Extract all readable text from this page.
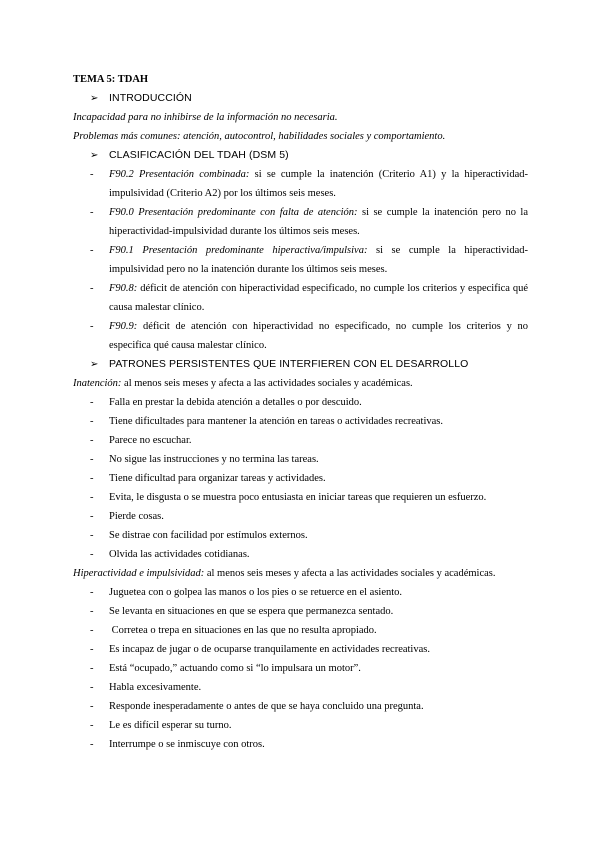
TEMA 5: TDAH
➢	INTRODUCCIÓN
Incapacidad para no inhibirse de la información no necesaria.
Problemas más comunes: atención, autocontrol, habilidades sociales y comportamiento.
➢	CLASIFICACIÓN DEL TDAH (DSM 5)
-	F90.2 Presentación combinada: si se cumple la inatención (Criterio A1) y la hiperactividad-impulsividad (Criterio A2) por los últimos seis meses.
-	F90.0 Presentación predominante con falta de atención: si se cumple la inatención pero no la hiperactividad-impulsividad durante los últimos seis meses.
-	F90.1 Presentación predominante hiperactiva/impulsiva: si se cumple la hiperactividad-impulsividad pero no la inatención durante los últimos seis meses.
-	F90.8: déficit de atención con hiperactividad especificado, no cumple los criterios y especifica qué causa malestar clínico.
-	F90.9: déficit de atención con hiperactividad no especificado, no cumple los criterios y no especifica qué causa malestar clínico.
➢	PATRONES PERSISTENTES QUE INTERFIEREN CON EL DESARROLLO
Inatención: al menos seis meses y afecta a las actividades sociales y académicas.
-	Falla en prestar la debida atención a detalles o por descuido.
-	Tiene dificultades para mantener la atención en tareas o actividades recreativas.
-	Parece no escuchar.
-	No sigue las instrucciones y no termina las tareas.
-	Tiene dificultad para organizar tareas y actividades.
-	Evita, le disgusta o se muestra poco entusiasta en iniciar tareas que requieren un esfuerzo.
-	Pierde cosas.
-	Se distrae con facilidad por estímulos externos.
-	Olvida las actividades cotidianas.
Hiperactividad e impulsividad: al menos seis meses y afecta a las actividades sociales y académicas.
-	Juguetea con o golpea las manos o los pies o se retuerce en el asiento.
-	Se levanta en situaciones en que se espera que permanezca sentado.
-	Corretea o trepa en situaciones en las que no resulta apropiado.
-	Es incapaz de jugar o de ocuparse tranquilamente en actividades recreativas.
-	Está “ocupado,” actuando como si “lo impulsara un motor”.
-	Habla excesivamente.
-	Responde inesperadamente o antes de que se haya concluido una pregunta.
-	Le es difícil esperar su turno.
-	Interrumpe o se inmiscuye con otros.
